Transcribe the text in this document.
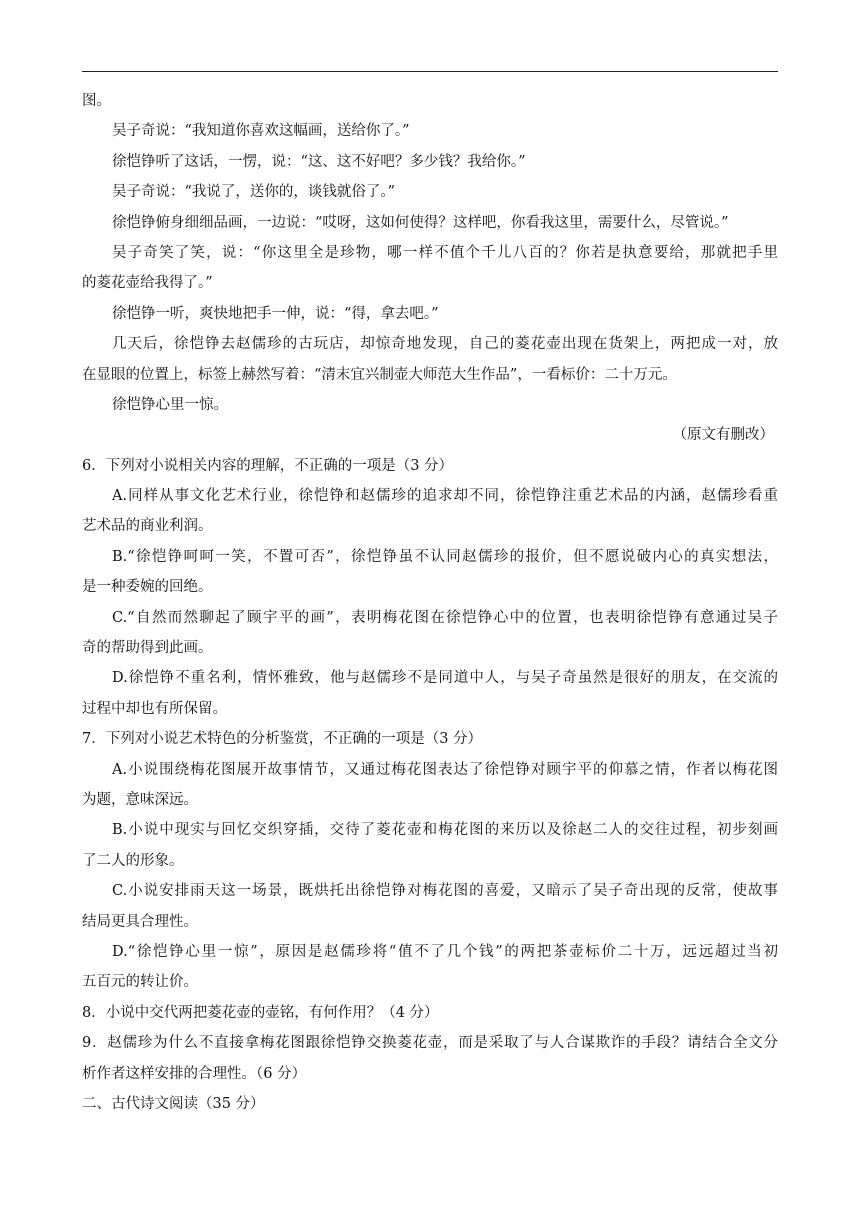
图。
吴子奇说：“我知道你喜欢这幅画，送给你了。”
徐恺铮听了这话，一愣，说：“这、这不好吧？多少钱？我给你。”
吴子奇说：“我说了，送你的，谈钱就俗了。”
徐恺铮俯身细细品画，一边说：“哎呀，这如何使得？这样吧，你看我这里，需要什么，尽管说。”
吴子奇笑了笑，说：“你这里全是珍物，哪一样不值个千儿八百的？你若是执意要给，那就把手里
的菱花壶给我得了。”
徐恺铮一听，爽快地把手一伸，说：“得，拿去吧。”
几天后，徐恺铮去赵儒珍的古玩店，却惊奇地发现，自己的菱花壶出现在货架上，两把成一对，放
在显眼的位置上，标签上赫然写着：“清末宜兴制壶大师范大生作品”，一看标价：二十万元。
徐恺铮心里一惊。
（原文有删改）
6．下列对小说相关内容的理解，不正确的一项是（3 分）
A.同样从事文化艺术行业，徐恺铮和赵儒珍的追求却不同，徐恺铮注重艺术品的内涵，赵儒珍看重
艺术品的商业利润。
B.“徐恺铮呵呵一笑，不置可否”，徐恺铮虽不认同赵儒珍的报价，但不愿说破内心的真实想法，
是一种委婉的回绝。
C.“自然而然聊起了顾宇平的画”，表明梅花图在徐恺铮心中的位置，也表明徐恺铮有意通过吴子
奇的帮助得到此画。
D.徐恺铮不重名利，情怀雅致，他与赵儒珍不是同道中人，与吴子奇虽然是很好的朋友，在交流的
过程中却也有所保留。
7．下列对小说艺术特色的分析鉴赏，不正确的一项是（3 分）
A.小说围绕梅花图展开故事情节，又通过梅花图表达了徐恺铮对顾宇平的仰慕之情，作者以梅花图
为题，意味深远。
B.小说中现实与回忆交织穿插，交待了菱花壶和梅花图的来历以及徐赵二人的交往过程，初步刻画
了二人的形象。
C.小说安排雨天这一场景，既烘托出徐恺铮对梅花图的喜爱，又暗示了吴子奇出现的反常，使故事
结局更具合理性。
D.“徐恺铮心里一惊”，原因是赵儒珍将“值不了几个钱”的两把茶壶标价二十万，远远超过当初
五百元的转让价。
8．小说中交代两把菱花壶的壶铭，有何作用？（4 分）
9．赵儒珍为什么不直接拿梅花图跟徐恺铮交换菱花壶，而是采取了与人合谋欺诈的手段？请结合全文分
析作者这样安排的合理性。（6 分）
二、古代诗文阅读（35 分）
